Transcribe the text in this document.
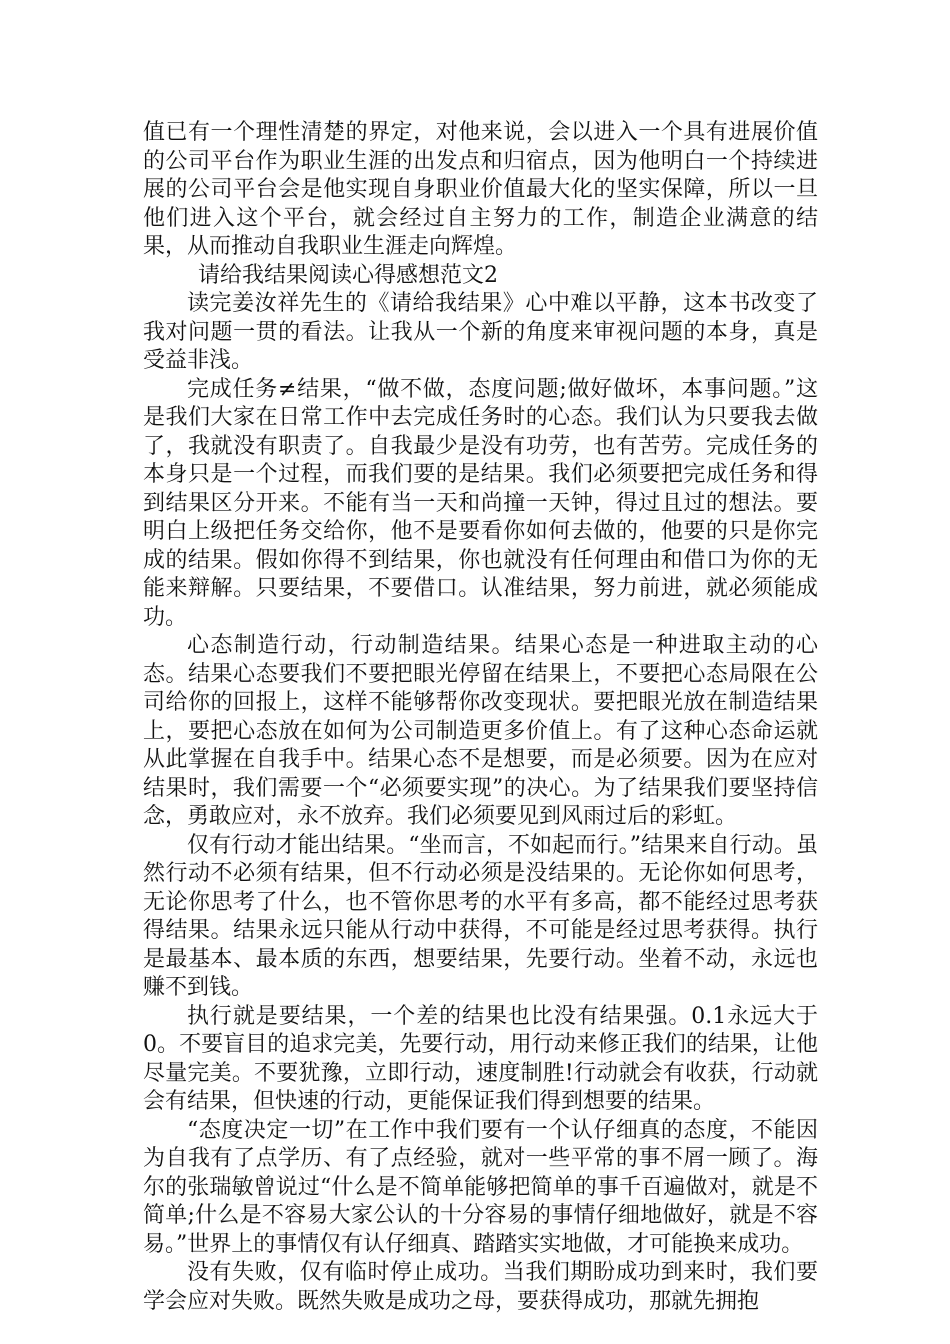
值已有一个理性清楚的界定，对他来说，会以进入一个具有进展价值的公司平台作为职业生涯的出发点和归宿点，因为他明白一个持续进展的公司平台会是他实现自身职业价值最大化的坚实保障，所以一旦他们进入这个平台，就会经过自主努力的工作，制造企业满意的结果，从而推动自我职业生涯走向辉煌。

请给我结果阅读心得感想范文2

读完姜汝祥先生的《请给我结果》心中难以平静，这本书改变了我对问题一贯的看法。让我从一个新的角度来审视问题的本身，真是受益非浅。

完成任务≠结果，“做不做，态度问题;做好做坏，本事问题。”这是我们大家在日常工作中去完成任务时的心态。我们认为只要我去做了，我就没有职责了。自我最少是没有功劳，也有苦劳。完成任务的本身只是一个过程，而我们要的是结果。我们必须要把完成任务和得到结果区分开来。不能有当一天和尚撞一天钟，得过且过的想法。要明白上级把任务交给你，他不是要看你如何去做的，他要的只是你完成的结果。假如你得不到结果，你也就没有任何理由和借口为你的无能来辩解。只要结果，不要借口。认准结果，努力前进，就必须能成功。

心态制造行动，行动制造结果。结果心态是一种进取主动的心态。结果心态要我们不要把眼光停留在结果上，不要把心态局限在公司给你的回报上，这样不能够帮你改变现状。要把眼光放在制造结果上，要把心态放在如何为公司制造更多价值上。有了这种心态命运就从此掌握在自我手中。结果心态不是想要，而是必须要。因为在应对结果时，我们需要一个“必须要实现”的决心。为了结果我们要坚持信念，勇敢应对，永不放弃。我们必须要见到风雨过后的彩虹。

仅有行动才能出结果。“坐而言，不如起而行。”结果来自行动。虽然行动不必须有结果，但不行动必须是没结果的。无论你如何思考，无论你思考了什么，也不管你思考的水平有多高，都不能经过思考获得结果。结果永远只能从行动中获得，不可能是经过思考获得。执行是最基本、最本质的东西，想要结果，先要行动。坐着不动，永远也赚不到钱。

执行就是要结果，一个差的结果也比没有结果强。0.1永远大于0。不要盲目的追求完美，先要行动，用行动来修正我们的结果，让他尽量完美。不要犹豫，立即行动，速度制胜!行动就会有收获，行动就会有结果，但快速的行动，更能保证我们得到想要的结果。

“态度决定一切”在工作中我们要有一个认仔细真的态度，不能因为自我有了点学历、有了点经验，就对一些平常的事不屑一顾了。海尔的张瑞敏曾说过“什么是不简单能够把简单的事千百遍做对，就是不简单;什么是不容易大家公认的十分容易的事情仔细地做好，就是不容易。”世界上的事情仅有认仔细真、踏踏实实地做，才可能换来成功。

没有失败，仅有临时停止成功。当我们期盼成功到来时，我们要学会应对失败。既然失败是成功之母，要获得成功，那就先拥抱
